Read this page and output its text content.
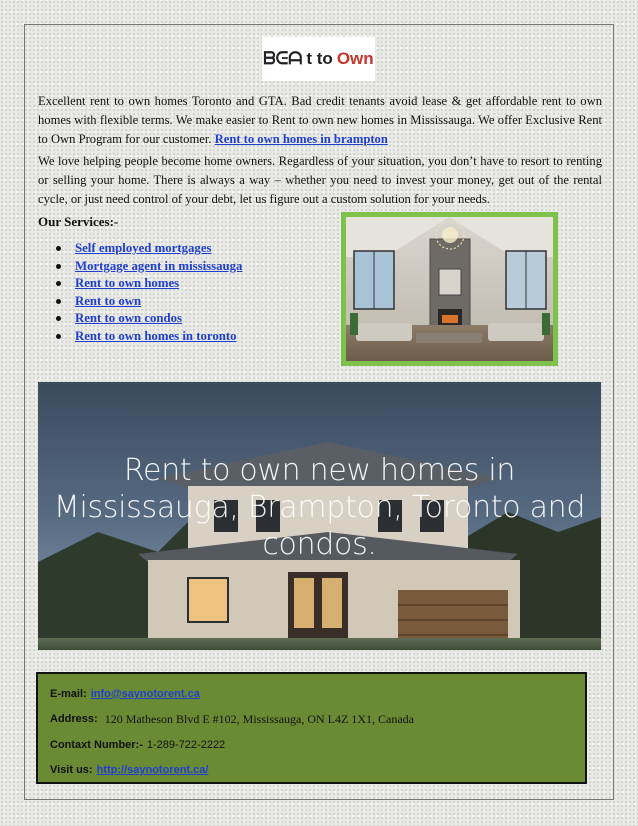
ᗷᕮᗩ t to Own
Excellent rent to own homes Toronto and GTA. Bad credit tenants avoid lease & get affordable rent to own homes with flexible terms. We make easier to Rent to own new homes in Mississauga. We offer Exclusive Rent to Own Program for our customer. Rent to own homes in brampton
We love helping people become home owners. Regardless of your situation, you don’t have to resort to renting or selling your home. There is always a way – whether you need to invest your money, get out of the rental cycle, or just need control of your debt, let us figure out a custom solution for your needs.
Our Services:-
Self employed mortgages
Mortgage agent in mississauga
Rent to own homes
Rent to own
Rent to own condos
Rent to own homes in toronto
Rent to own new homes in
Mississauga, Brampton, Toronto and
condos.
E-mail: info@saynotorent.ca
Address: 120 Matheson Blvd E #102, Mississauga, ON L4Z 1X1, Canada
Contaxt Number:- 1-289-722-2222
Visit us: http://saynotorent.ca/
